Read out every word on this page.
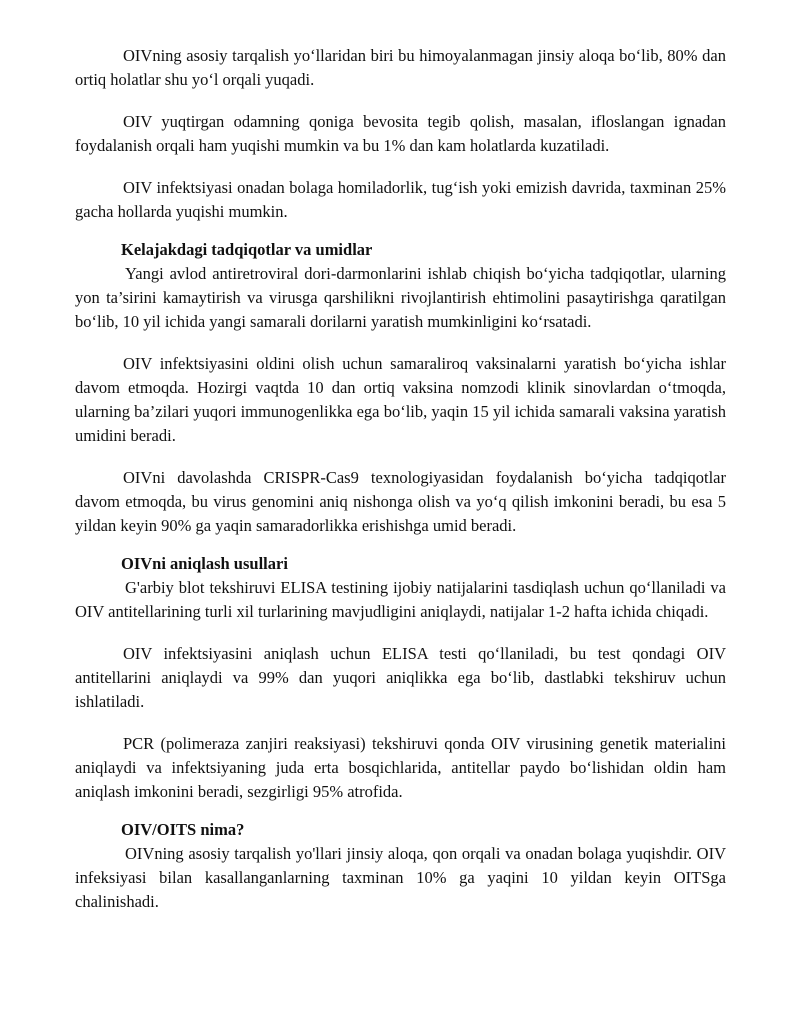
OIVning asosiy tarqalish yo‘llaridan biri bu himoyalanmagan jinsiy aloqa bo‘lib, 80% dan ortiq holatlar shu yo‘l orqali yuqadi.

OIV yuqtirgan odamning qoniga bevosita tegib qolish, masalan, ifloslangan ignadan foydalanish orqali ham yuqishi mumkin va bu 1% dan kam holatlarda kuzatiladi.

OIV infektsiyasi onadan bolaga homiladorlik, tug‘ish yoki emizish davrida, taxminan 25% gacha hollarda yuqishi mumkin.

Kelajakdagi tadqiqotlar va umidlar

Yangi avlod antiretroviral dori-darmonlarini ishlab chiqish bo‘yicha tadqiqotlar, ularning yon ta’sirini kamaytirish va virusga qarshilikni rivojlantirish ehtimolini pasaytirishga qaratilgan bo‘lib, 10 yil ichida yangi samarali dorilarni yaratish mumkinligini ko‘rsatadi.

OIV infektsiyasini oldini olish uchun samaraliroq vaksinalarni yaratish bo‘yicha ishlar davom etmoqda. Hozirgi vaqtda 10 dan ortiq vaksina nomzodi klinik sinovlardan o‘tmoqda, ularning ba’zilari yuqori immunogenlikka ega bo‘lib, yaqin 15 yil ichida samarali vaksina yaratish umidini beradi.

OIVni davolashda CRISPR-Cas9 texnologiyasidan foydalanish bo‘yicha tadqiqotlar davom etmoqda, bu virus genomini aniq nishonga olish va yo‘q qilish imkonini beradi, bu esa 5 yildan keyin 90% ga yaqin samaradorlikka erishishga umid beradi.

OIVni aniqlash usullari

G'arbiy blot tekshiruvi ELISA testining ijobiy natijalarini tasdiqlash uchun qo‘llaniladi va OIV antitellarining turli xil turlarining mavjudligini aniqlaydi, natijalar 1-2 hafta ichida chiqadi.

OIV infektsiyasini aniqlash uchun ELISA testi qo‘llaniladi, bu test qondagi OIV antitellarini aniqlaydi va 99% dan yuqori aniqlikka ega bo‘lib, dastlabki tekshiruv uchun ishlatiladi.

PCR (polimeraza zanjiri reaksiyasi) tekshiruvi qonda OIV virusining genetik materialini aniqlaydi va infektsiyaning juda erta bosqichlarida, antitellar paydo bo‘lishidan oldin ham aniqlash imkonini beradi, sezgirligi 95% atrofida.

OIV/OITS nima?

OIVning asosiy tarqalish yo'llari jinsiy aloqa, qon orqali va onadan bolaga yuqishdir. OIV infeksiyasi bilan kasallanganlarning taxminan 10% ga yaqini 10 yildan keyin OITSga chalinishadi.
